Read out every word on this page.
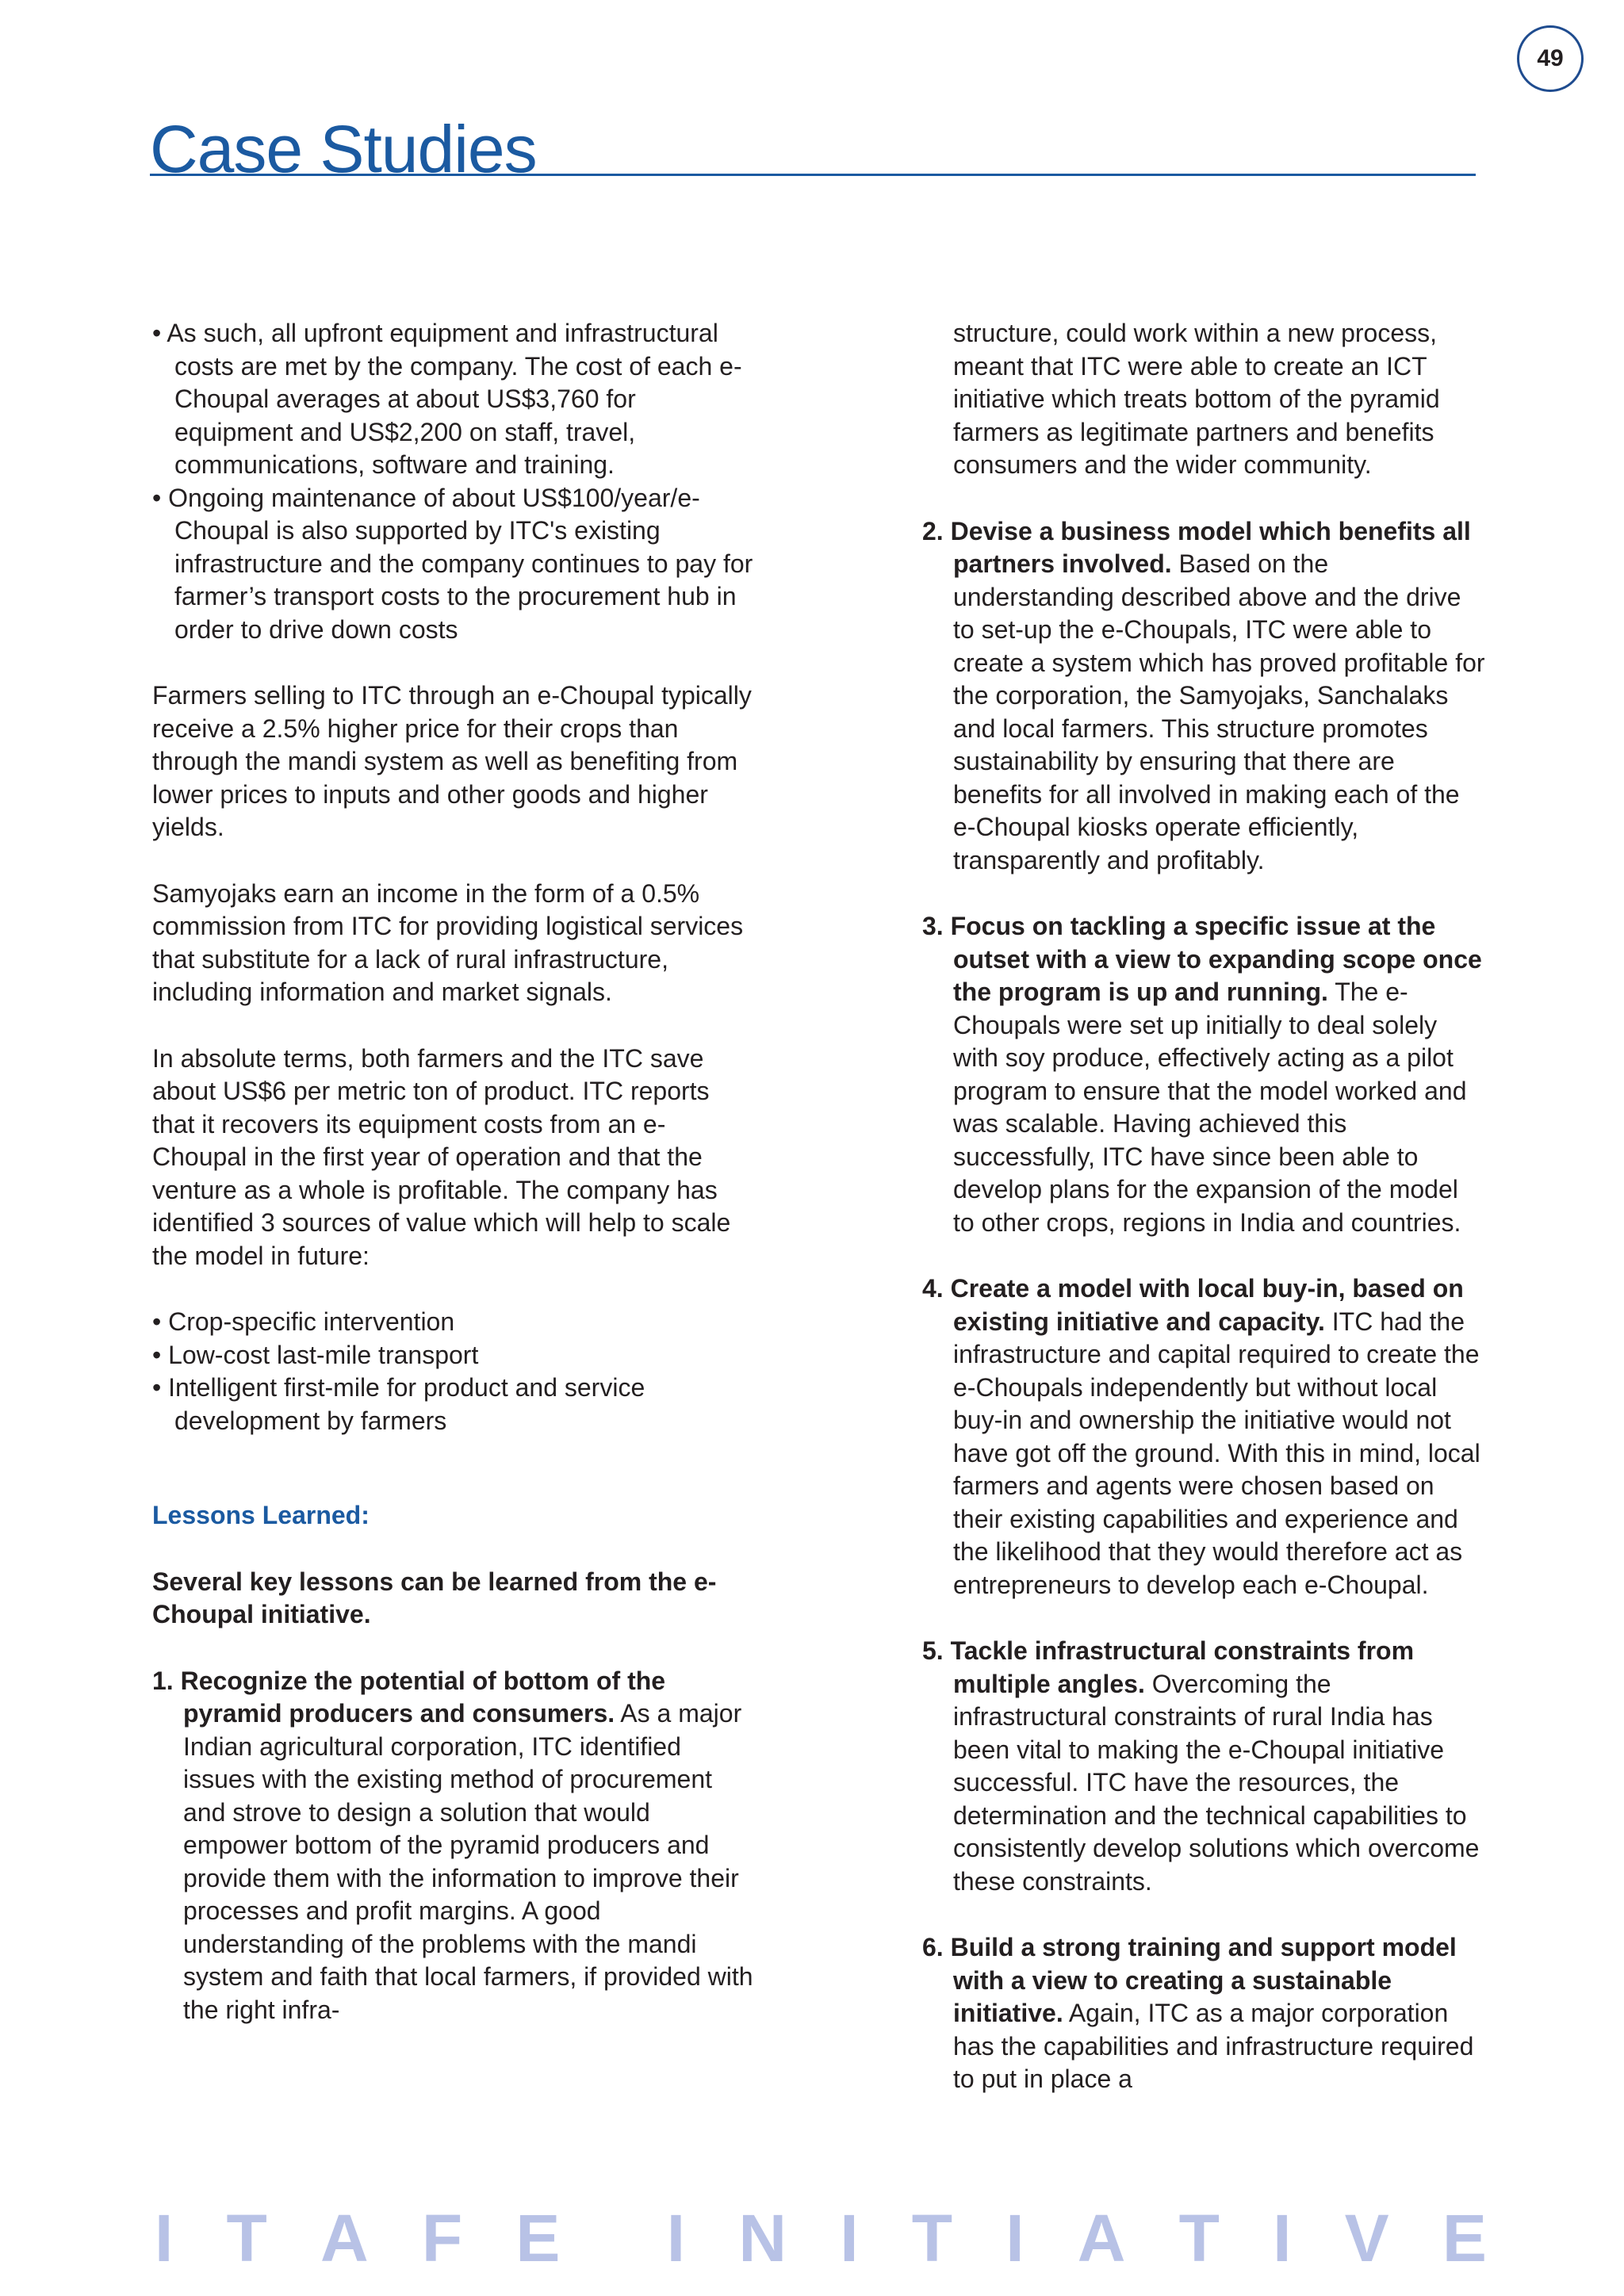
49
Case Studies

• As such, all upfront equipment and infrastructural costs are met by the company. The cost of each e-Choupal averages at about US$3,760 for equipment and US$2,200 on staff, travel, communications, software and training.

• Ongoing maintenance of about US$100/year/e-Choupal is also supported by ITC's existing infrastructure and the company continues to pay for farmer’s transport costs to the procurement hub in order to drive down costs

Farmers selling to ITC through an e-Choupal typically receive a 2.5% higher price for their crops than through the mandi system as well as benefiting from lower prices to inputs and other goods and higher yields.

Samyojaks earn an income in the form of a 0.5% commission from ITC for providing logistical services that substitute for a lack of rural infrastructure, including information and market signals.

In absolute terms, both farmers and the ITC save about US$6 per metric ton of product. ITC reports that it recovers its equipment costs from an e-Choupal in the first year of operation and that the venture as a whole is profitable. The company has identified 3 sources of value which will help to scale the model in future:

• Crop-specific intervention

• Low-cost last-mile transport

• Intelligent first-mile for product and service development by farmers

Lessons Learned:

Several key lessons can be learned from the e-Choupal initiative.

1. Recognize the potential of bottom of the pyramid producers and consumers. As a major Indian agricultural corporation, ITC identified issues with the existing method of procurement and strove to design a solution that would empower bottom of the pyramid producers and provide them with the information to improve their processes and profit margins. A good understanding of the problems with the mandi system and faith that local farmers, if provided with the right infra-

structure, could work within a new process, meant that ITC were able to create an ICT initiative which treats bottom of the pyramid farmers as legitimate partners and benefits consumers and the wider community.

2. Devise a business model which benefits all partners involved. Based on the understanding described above and the drive to set-up the e-Choupals, ITC were able to create a system which has proved profitable for the corporation, the Samyojaks, Sanchalaks and local farmers. This structure promotes sustainability by ensuring that there are benefits for all involved in making each of the e-Choupal kiosks operate efficiently, transparently and profitably.

3. Focus on tackling a specific issue at the outset with a view to expanding scope once the program is up and running. The e-Choupals were set up initially to deal solely with soy produce, effectively acting as a pilot program to ensure that the model worked and was scalable. Having achieved this successfully, ITC have since been able to develop plans for the expansion of the model to other crops, regions in India and countries.

4. Create a model with local buy-in, based on existing initiative and capacity. ITC had the infrastructure and capital required to create the e-Choupals independently but without local buy-in and ownership the initiative would not have got off the ground. With this in mind, local farmers and agents were chosen based on their existing capabilities and experience and the likelihood that they would therefore act as entrepreneurs to develop each e-Choupal.

5. Tackle infrastructural constraints from multiple angles. Overcoming the infrastructural constraints of rural India has been vital to making the e-Choupal initiative successful. ITC have the resources, the determination and the technical capabilities to consistently develop solutions which overcome these constraints.

6. Build a strong training and support model with a view to creating a sustainable initiative. Again, ITC as a major corporation has the capabilities and infrastructure required to put in place a

I T A F E I N I T I A T I V E
